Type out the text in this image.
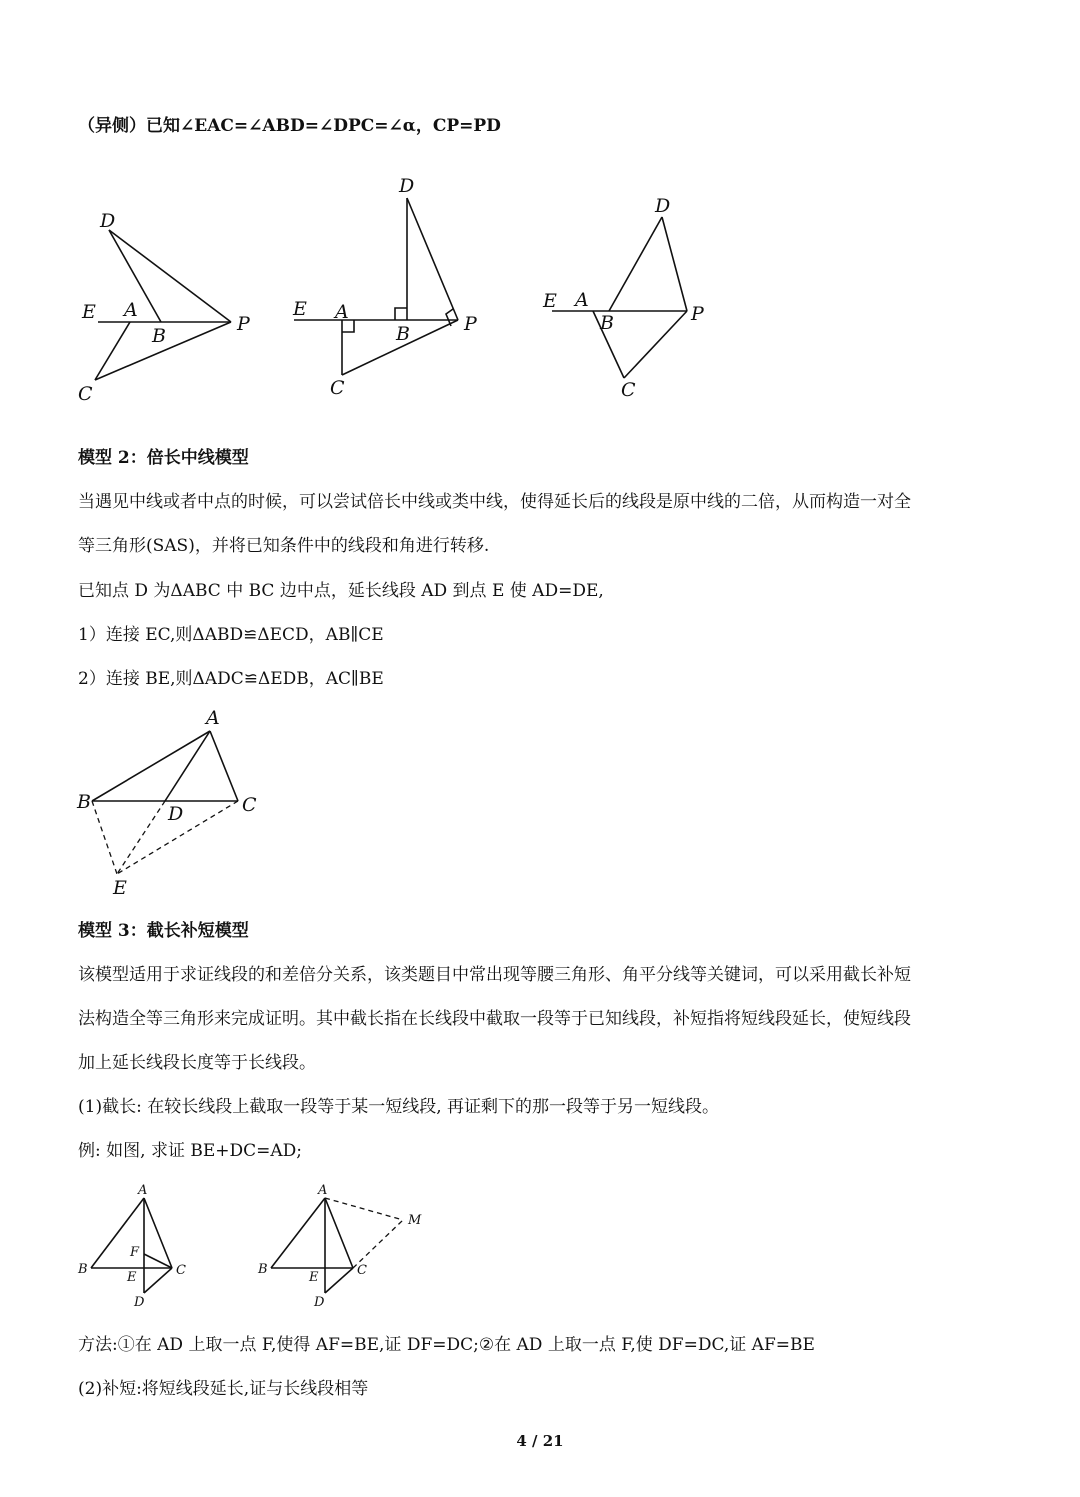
（异侧）已知∠EAC=∠ABD=∠DPC=∠α，CP=PD
D
E A
B
P
C
D
E A
B	P
C
D
E A
B	P
C
A
B	C
D
E
A
F
B
E	C
D
A
M
B
E	C
D
模型 2：倍长中线模型
当遇见中线或者中点的时候，可以尝试倍长中线或类中线，使得延长后的线段是原中线的二倍，从而构造一对全
等三角形(SAS)，并将已知条件中的线段和角进行转移.
已知点 D 为ΔABC 中 BC 边中点，延长线段 AD 到点 E 使 AD=DE,
1）连接 EC,则ΔABD≌ΔECD，AB∥CE
2）连接 BE,则ΔADC≌ΔEDB，AC∥BE
模型 3：截长补短模型
该模型适用于求证线段的和差倍分关系，该类题目中常出现等腰三角形、角平分线等关键词，可以采用截长补短
法构造全等三角形来完成证明。其中截长指在长线段中截取一段等于已知线段，补短指将短线段延长，使短线段
加上延长线段长度等于长线段。
(1)截长: 在较长线段上截取一段等于某一短线段, 再证剩下的那一段等于另一短线段。
例: 如图, 求证 BE+DC=AD;
方法:①在 AD 上取一点 F,使得 AF=BE,证 DF=DC;②在 AD 上取一点 F,使 DF=DC,证 AF=BE
(2)补短:将短线段延长,证与长线段相等
4 / 21
